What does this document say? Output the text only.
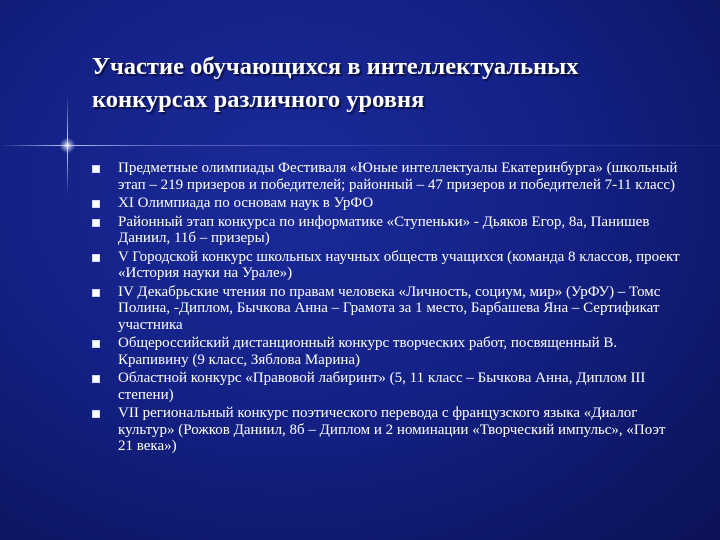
Участие обучающихся в интеллектуальных конкурсах различного уровня
Предметные олимпиады Фестиваля «Юные интеллектуалы Екатеринбурга» (школьный этап – 219 призеров и победителей; районный – 47 призеров и победителей 7-11 класс)
XI Олимпиада по основам наук в УрФО
Районный этап конкурса по информатике «Ступеньки» - Дьяков Егор, 8а, Панишев Даниил, 11б – призеры)
V Городской конкурс школьных научных обществ учащихся (команда 8 классов, проект «История науки на Урале»)
IV Декабрьские чтения по правам человека «Личность, социум, мир» (УрФУ) – Томс Полина, -Диплом, Бычкова Анна – Грамота за 1 место, Барбашева Яна – Сертификат участника
Общероссийский дистанционный конкурс творческих работ, посвященный В. Крапивину (9 класс, Зяблова Марина)
Областной конкурс «Правовой лабиринт» (5, 11 класс – Бычкова Анна, Диплом III степени)
VII региональный конкурс поэтического перевода с французского языка «Диалог культур» (Рожков Даниил, 8б – Диплом и 2 номинации «Творческий импульс», «Поэт 21 века»)
